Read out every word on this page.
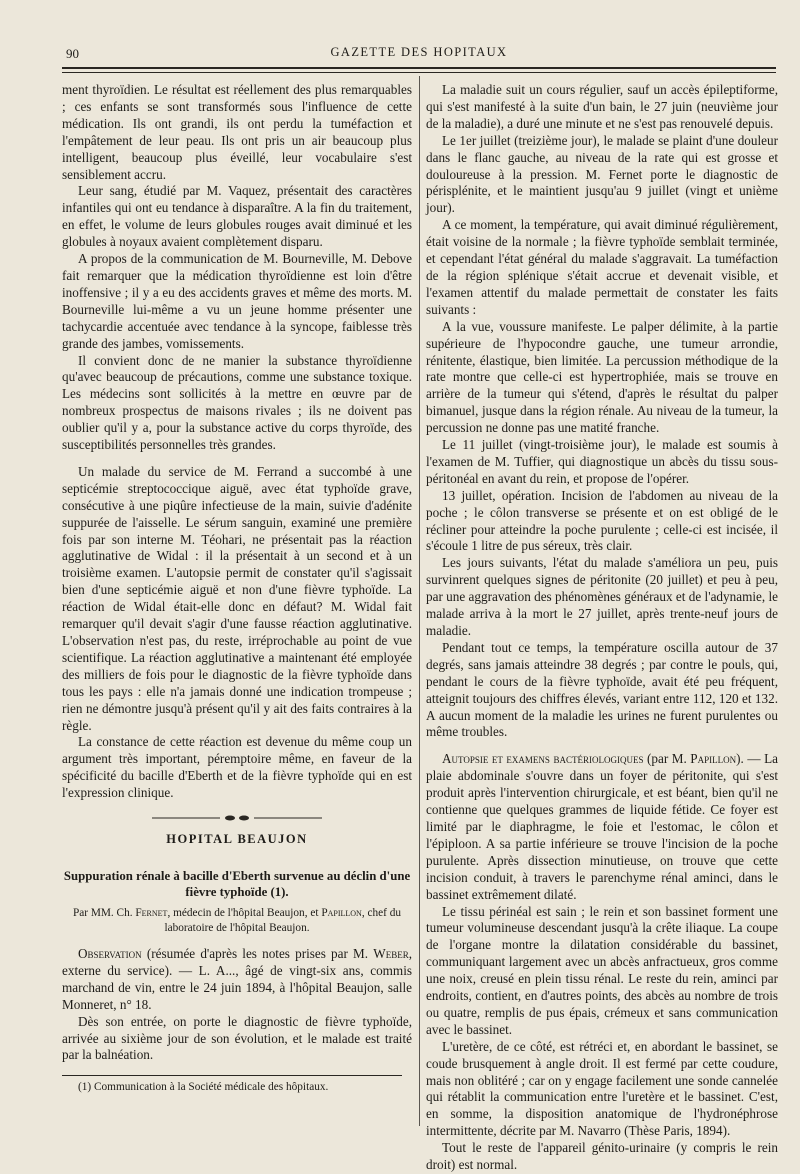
90	GAZETTE DES HOPITAUX

ment thyroïdien. Le résultat est réellement des plus remarquables ; ces enfants se sont transformés sous l'influence de cette médication. Ils ont grandi, ils ont perdu la tuméfaction et l'empâtement de leur peau. Ils ont pris un air beaucoup plus intelligent, beaucoup plus éveillé, leur vocabulaire s'est sensiblement accru.

Leur sang, étudié par M. Vaquez, présentait des caractères infantiles qui ont eu tendance à disparaître. A la fin du traitement, en effet, le volume de leurs globules rouges avait diminué et les globules à noyaux avaient complètement disparu.

A propos de la communication de M. Bourneville, M. Debove fait remarquer que la médication thyroïdienne est loin d'être inoffensive ; il y a eu des accidents graves et même des morts. M. Bourneville lui-même a vu un jeune homme présenter une tachycardie accentuée avec tendance à la syncope, faiblesse très grande des jambes, vomissements.

Il convient donc de ne manier la substance thyroïdienne qu'avec beaucoup de précautions, comme une substance toxique. Les médecins sont sollicités à la mettre en œuvre par de nombreux prospectus de maisons rivales ; ils ne doivent pas oublier qu'il y a, pour la substance active du corps thyroïde, des susceptibilités personnelles très grandes.

Un malade du service de M. Ferrand a succombé à une septicémie streptococcique aiguë, avec état typhoïde grave, consécutive à une piqûre infectieuse de la main, suivie d'adénite suppurée de l'aisselle. Le sérum sanguin, examiné une première fois par son interne M. Téohari, ne présentait pas la réaction agglutinative de Widal : il la présentait à un second et à un troisième examen. L'autopsie permit de constater qu'il s'agissait bien d'une septicémie aiguë et non d'une fièvre typhoïde. La réaction de Widal était-elle donc en défaut? M. Widal fait remarquer qu'il devait s'agir d'une fausse réaction agglutinative. L'observation n'est pas, du reste, irréprochable au point de vue scientifique. La réaction agglutinative a maintenant été employée des milliers de fois pour le diagnostic de la fièvre typhoïde dans tous les pays : elle n'a jamais donné une indication trompeuse ; rien ne démontre jusqu'à présent qu'il y ait des faits contraires à la règle.

La constance de cette réaction est devenue du même coup un argument très important, péremptoire même, en faveur de la spécificité du bacille d'Eberth et de la fièvre typhoïde qui en est l'expression clinique.

HOPITAL BEAUJON
Suppuration rénale à bacille d'Eberth survenue au déclin d'une fièvre typhoïde (1).
Par MM. Ch. Fernet, médecin de l'hôpital Beaujon, et Papillon, chef du laboratoire de l'hôpital Beaujon.

Observation (résumée d'après les notes prises par M. Weber, externe du service). — L. A..., âgé de vingt-six ans, commis marchand de vin, entre le 24 juin 1894, à l'hôpital Beaujon, salle Monneret, n° 18.

Dès son entrée, on porte le diagnostic de fièvre typhoïde, arrivée au sixième jour de son évolution, et le malade est traité par la balnéation.

(1) Communication à la Société médicale des hôpitaux.

La maladie suit un cours régulier, sauf un accès épileptiforme, qui s'est manifesté à la suite d'un bain, le 27 juin (neuvième jour de la maladie), a duré une minute et ne s'est pas renouvelé depuis.

Le 1er juillet (treizième jour), le malade se plaint d'une douleur dans le flanc gauche, au niveau de la rate qui est grosse et douloureuse à la pression. M. Fernet porte le diagnostic de périsplénite, et le maintient jusqu'au 9 juillet (vingt et unième jour).

A ce moment, la température, qui avait diminué régulièrement, était voisine de la normale ; la fièvre typhoïde semblait terminée, et cependant l'état général du malade s'aggravait. La tuméfaction de la région splénique s'était accrue et devenait visible, et l'examen attentif du malade permettait de constater les faits suivants :

A la vue, voussure manifeste. Le palper délimite, à la partie supérieure de l'hypocondre gauche, une tumeur arrondie, rénitente, élastique, bien limitée. La percussion méthodique de la rate montre que celle-ci est hypertrophiée, mais se trouve en arrière de la tumeur qui s'étend, d'après le résultat du palper bimanuel, jusque dans la région rénale. Au niveau de la tumeur, la percussion ne donne pas une matité franche.

Le 11 juillet (vingt-troisième jour), le malade est soumis à l'examen de M. Tuffier, qui diagnostique un abcès du tissu sous-péritonéal en avant du rein, et propose de l'opérer.

13 juillet, opération. Incision de l'abdomen au niveau de la poche ; le côlon transverse se présente et on est obligé de le récliner pour atteindre la poche purulente ; celle-ci est incisée, il s'écoule 1 litre de pus séreux, très clair.

Les jours suivants, l'état du malade s'améliora un peu, puis survinrent quelques signes de péritonite (20 juillet) et peu à peu, par une aggravation des phénomènes généraux et de l'adynamie, le malade arriva à la mort le 27 juillet, après trente-neuf jours de maladie.

Pendant tout ce temps, la température oscilla autour de 37 degrés, sans jamais atteindre 38 degrés ; par contre le pouls, qui, pendant le cours de la fièvre typhoïde, avait été peu fréquent, atteignit toujours des chiffres élevés, variant entre 112, 120 et 132. A aucun moment de la maladie les urines ne furent purulentes ou même troubles.

Autopsie et examens bactériologiques (par M. Papillon). — La plaie abdominale s'ouvre dans un foyer de péritonite, qui s'est produit après l'intervention chirurgicale, et est béant, bien qu'il ne contienne que quelques grammes de liquide fétide. Ce foyer est limité par le diaphragme, le foie et l'estomac, le côlon et l'épiploon. A sa partie inférieure se trouve l'incision de la poche purulente. Après dissection minutieuse, on trouve que cette incision conduit, à travers le parenchyme rénal aminci, dans le bassinet extrêmement dilaté.

Le tissu périnéal est sain ; le rein et son bassinet forment une tumeur volumineuse descendant jusqu'à la crête iliaque. La coupe de l'organe montre la dilatation considérable du bassinet, communiquant largement avec un abcès anfractueux, gros comme une noix, creusé en plein tissu rénal. Le reste du rein, aminci par endroits, contient, en d'autres points, des abcès au nombre de trois ou quatre, remplis de pus épais, crémeux et sans communication avec le bassinet.

L'uretère, de ce côté, est rétréci et, en abordant le bassinet, se coude brusquement à angle droit. Il est fermé par cette coudure, mais non oblitéré ; car on y engage facilement une sonde cannelée qui rétablit la communication entre l'uretère et le bassinet. C'est, en somme, la disposition anatomique de l'hydronéphrose intermittente, décrite par M. Navarro (Thèse Paris, 1894).

Tout le reste de l'appareil génito-urinaire (y compris le rein droit) est normal.
